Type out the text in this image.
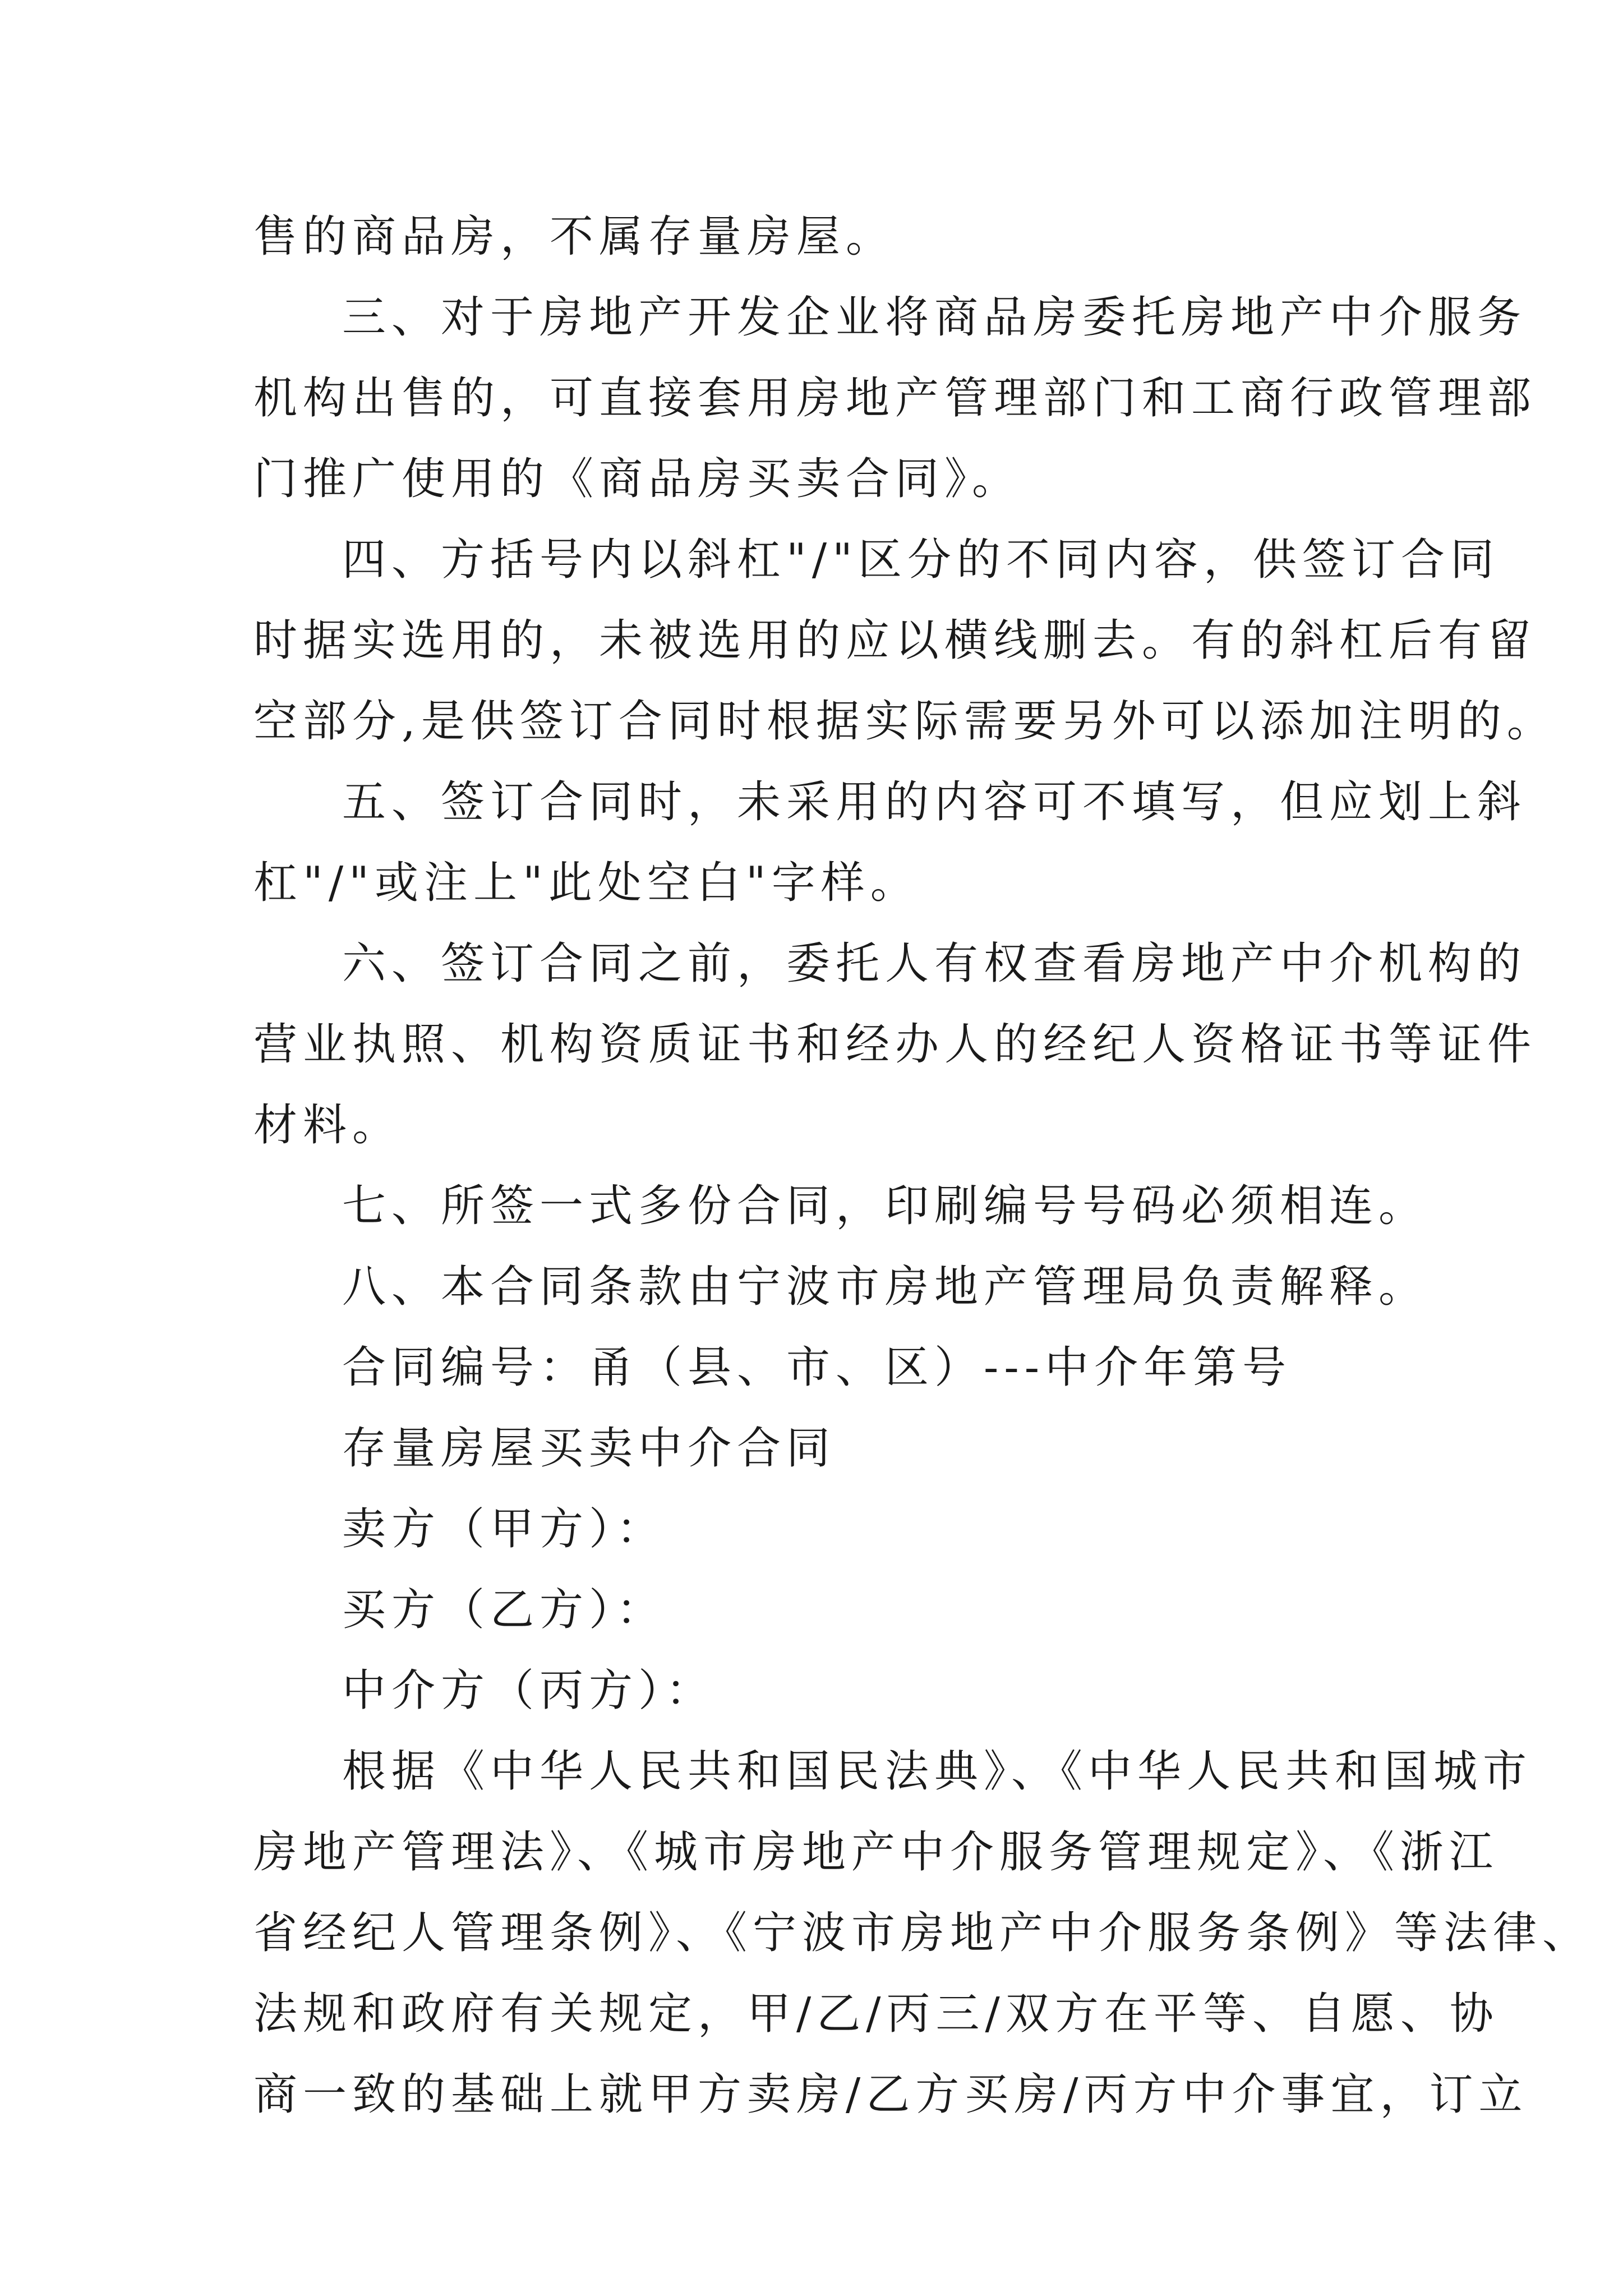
售的商品房，不属存量房屋。
三、对于房地产开发企业将商品房委托房地产中介服务
机构出售的，可直接套用房地产管理部门和工商行政管理部
门推广使用的《商品房买卖合同》。
四、方括号内以斜杠"/"区分的不同内容，供签订合同
时据实选用的，未被选用的应以横线删去。有的斜杠后有留
空部分,是供签订合同时根据实际需要另外可以添加注明的。
五、签订合同时，未采用的内容可不填写，但应划上斜
杠"/"或注上"此处空白"字样。
六、签订合同之前，委托人有权查看房地产中介机构的
营业执照、机构资质证书和经办人的经纪人资格证书等证件
材料。
七、所签一式多份合同，印刷编号号码必须相连。
八、本合同条款由宁波市房地产管理局负责解释。
合同编号：甬（县、市、区）---中介年第号
存量房屋买卖中介合同
卖方（甲方）：
买方（乙方）：
中介方（丙方）：
根据《中华人民共和国民法典》、《中华人民共和国城市
房地产管理法》、《城市房地产中介服务管理规定》、《浙江
省经纪人管理条例》、《宁波市房地产中介服务条例》等法律、
法规和政府有关规定，甲/乙/丙三/双方在平等、自愿、协
商一致的基础上就甲方卖房/乙方买房/丙方中介事宜，订立
